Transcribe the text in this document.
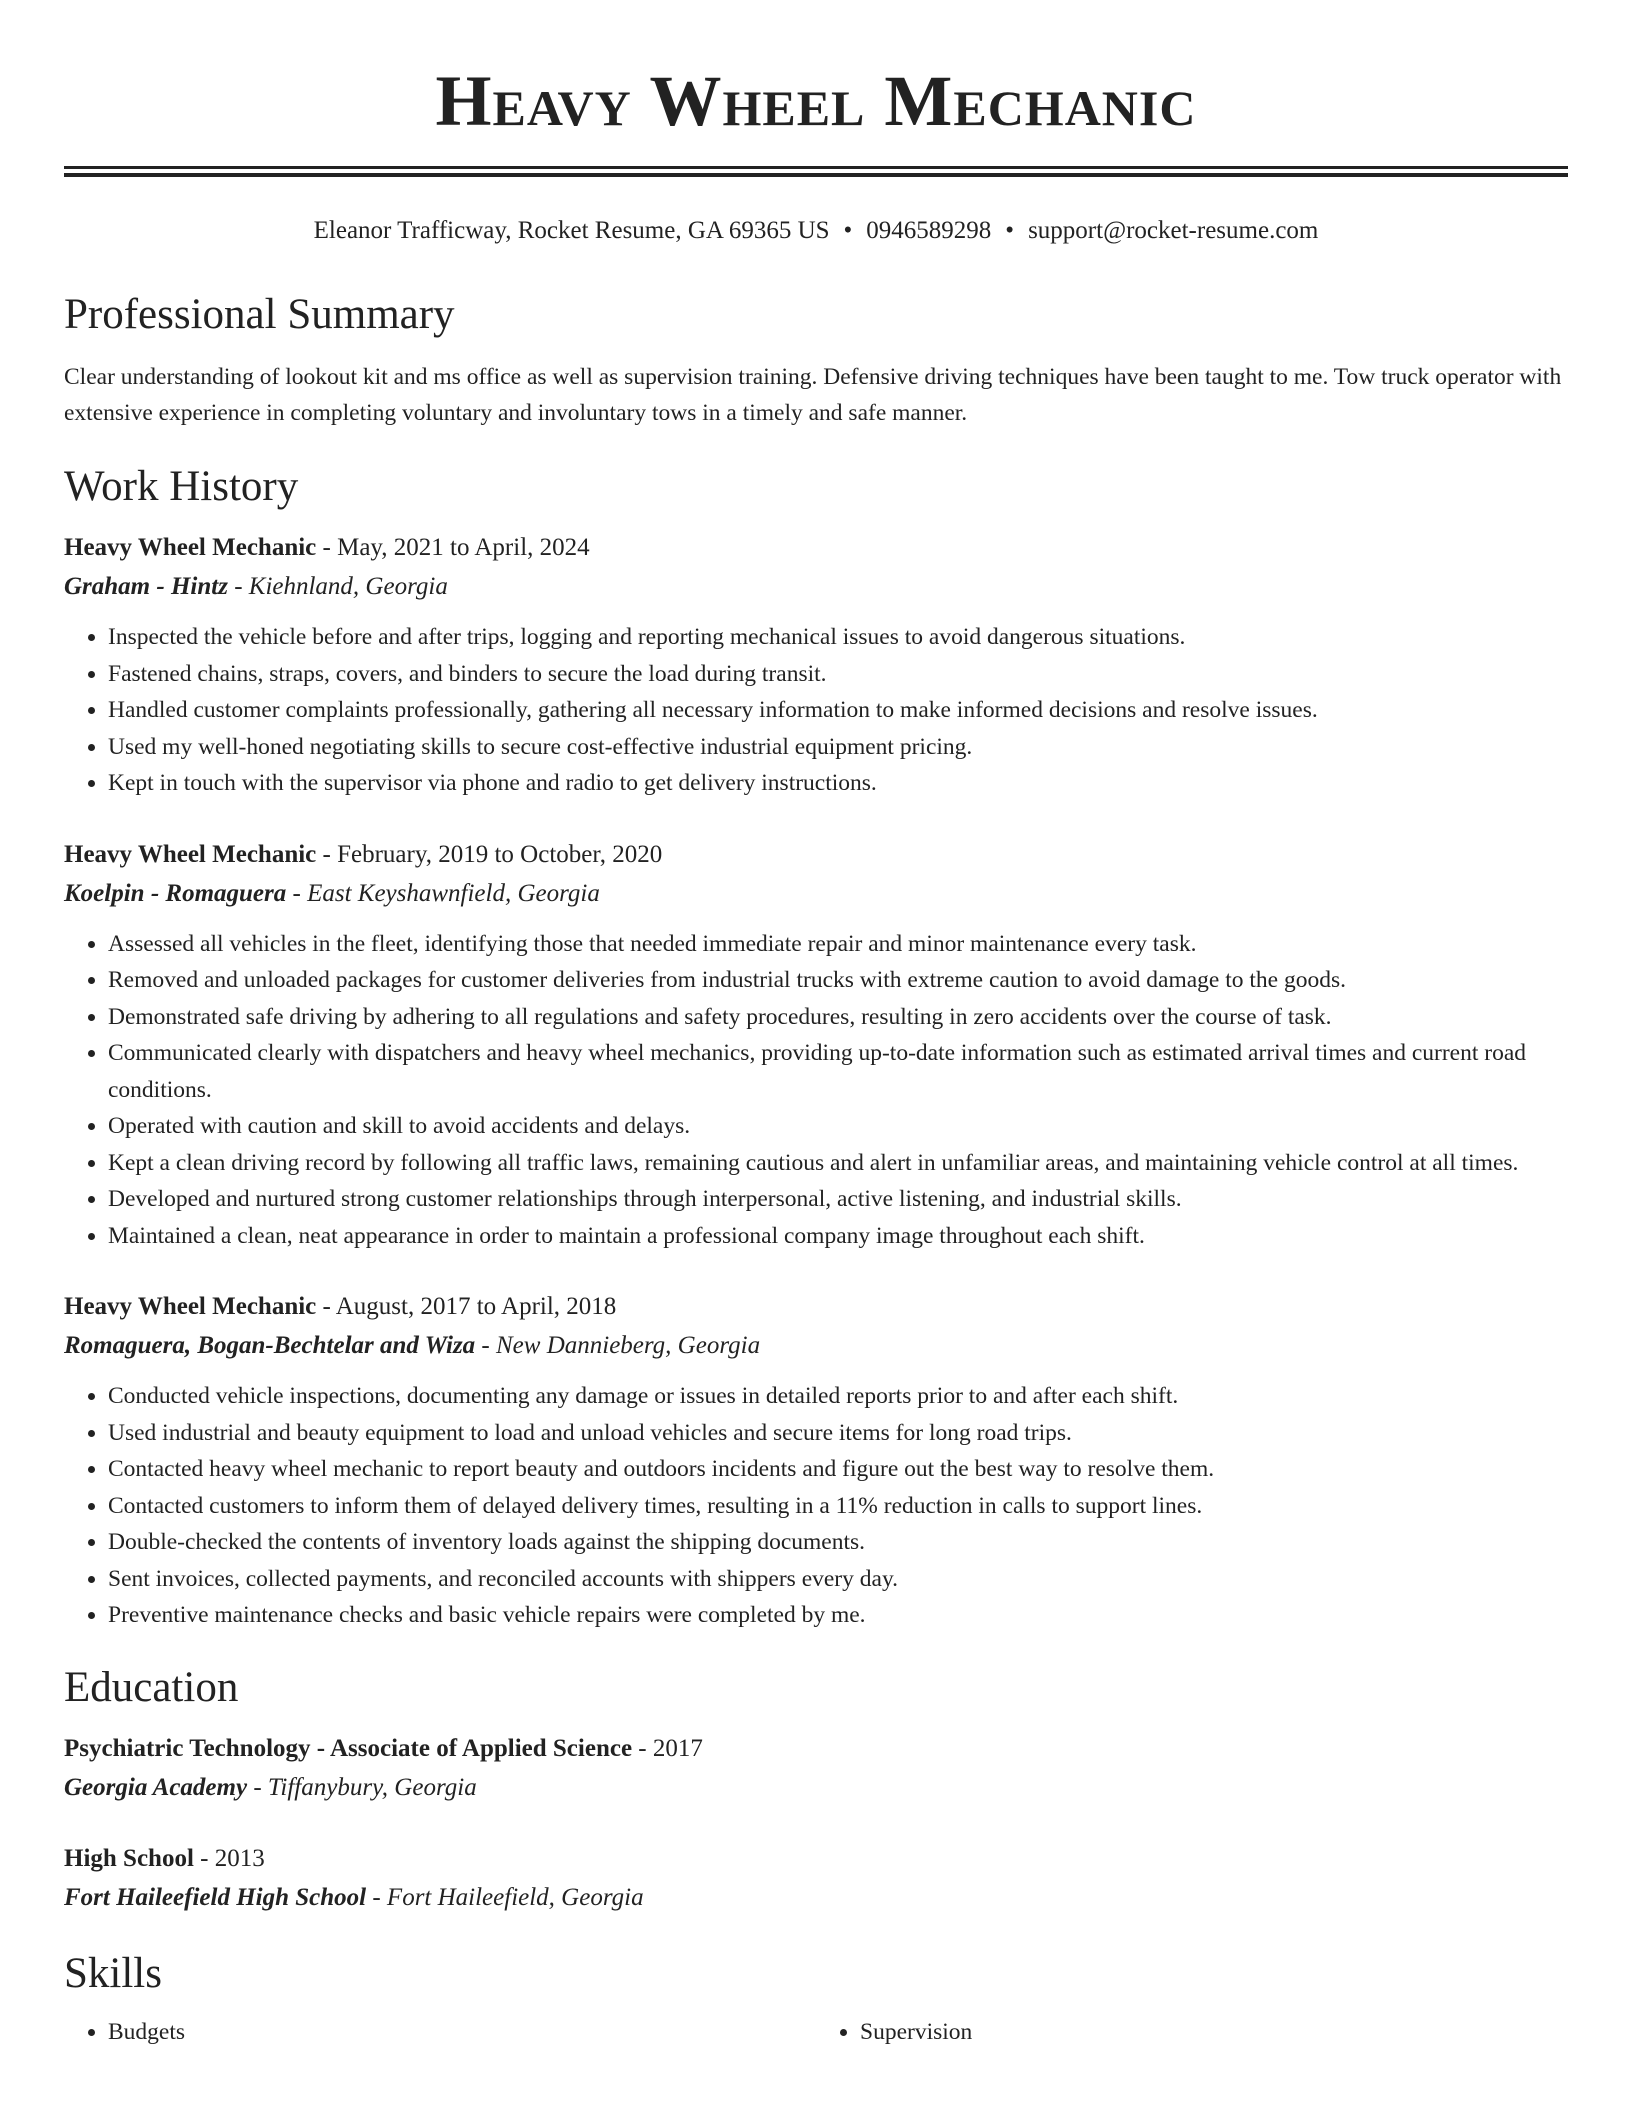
Heavy Wheel Mechanic
Eleanor Trafficway, Rocket Resume, GA 69365 US • 0946589298 • support@rocket-resume.com
Professional Summary

Clear understanding of lookout kit and ms office as well as supervision training. Defensive driving techniques have been taught to me. Tow truck operator with extensive experience in completing voluntary and involuntary tows in a timely and safe manner.

Work History
Heavy Wheel Mechanic - May, 2021 to April, 2024
Graham - Hintz - Kiehnland, Georgia
• Inspected the vehicle before and after trips, logging and reporting mechanical issues to avoid dangerous situations.
• Fastened chains, straps, covers, and binders to secure the load during transit.
• Handled customer complaints professionally, gathering all necessary information to make informed decisions and resolve issues.
• Used my well-honed negotiating skills to secure cost-effective industrial equipment pricing.
• Kept in touch with the supervisor via phone and radio to get delivery instructions.
Heavy Wheel Mechanic - February, 2019 to October, 2020
Koelpin - Romaguera - East Keyshawnfield, Georgia
• Assessed all vehicles in the fleet, identifying those that needed immediate repair and minor maintenance every task.
• Removed and unloaded packages for customer deliveries from industrial trucks with extreme caution to avoid damage to the goods.
• Demonstrated safe driving by adhering to all regulations and safety procedures, resulting in zero accidents over the course of task.
• Communicated clearly with dispatchers and heavy wheel mechanics, providing up-to-date information such as estimated arrival times and current road conditions.
• Operated with caution and skill to avoid accidents and delays.
• Kept a clean driving record by following all traffic laws, remaining cautious and alert in unfamiliar areas, and maintaining vehicle control at all times.
• Developed and nurtured strong customer relationships through interpersonal, active listening, and industrial skills.
• Maintained a clean, neat appearance in order to maintain a professional company image throughout each shift.
Heavy Wheel Mechanic - August, 2017 to April, 2018
Romaguera, Bogan-Bechtelar and Wiza - New Dannieberg, Georgia
• Conducted vehicle inspections, documenting any damage or issues in detailed reports prior to and after each shift.
• Used industrial and beauty equipment to load and unload vehicles and secure items for long road trips.
• Contacted heavy wheel mechanic to report beauty and outdoors incidents and figure out the best way to resolve them.
• Contacted customers to inform them of delayed delivery times, resulting in a 11% reduction in calls to support lines.
• Double-checked the contents of inventory loads against the shipping documents.
• Sent invoices, collected payments, and reconciled accounts with shippers every day.
• Preventive maintenance checks and basic vehicle repairs were completed by me.
Education
Psychiatric Technology - Associate of Applied Science - 2017
Georgia Academy - Tiffanybury, Georgia
High School - 2013
Fort Haileefield High School - Fort Haileefield, Georgia
Skills
• Budgets
•	Supervision
